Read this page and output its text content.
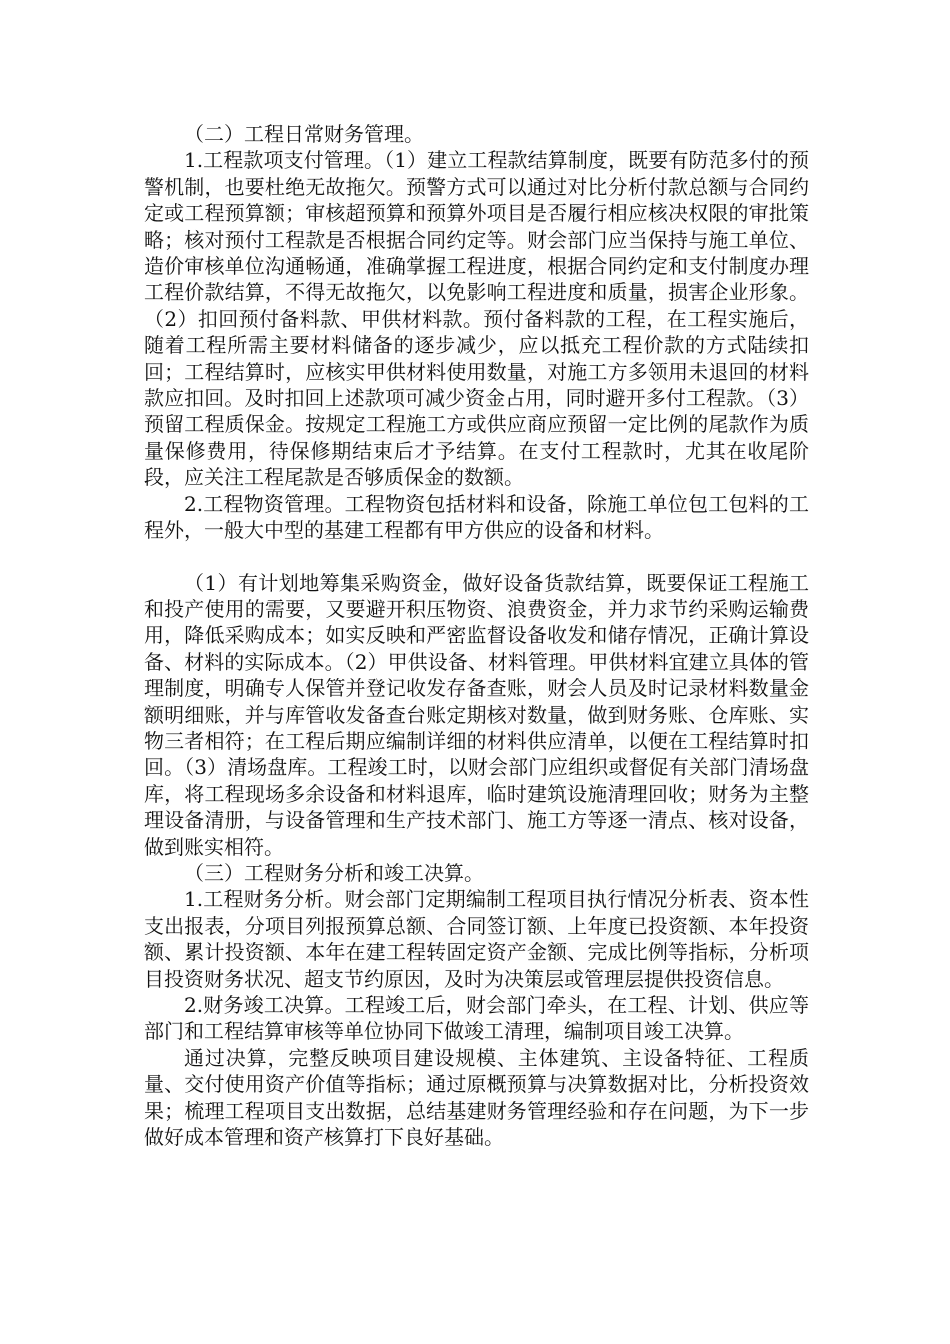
（二）工程日常财务管理。

1.工程款项支付管理。（1）建立工程款结算制度，既要有防范多付的预警机制，也要杜绝无故拖欠。预警方式可以通过对比分析付款总额与合同约定或工程预算额；审核超预算和预算外项目是否履行相应核决权限的审批策略；核对预付工程款是否根据合同约定等。财会部门应当保持与施工单位、造价审核单位沟通畅通，准确掌握工程进度，根据合同约定和支付制度办理工程价款结算，不得无故拖欠，以免影响工程进度和质量，损害企业形象。（2）扣回预付备料款、甲供材料款。预付备料款的工程，在工程实施后，随着工程所需主要材料储备的逐步减少，应以抵充工程价款的方式陆续扣回；工程结算时，应核实甲供材料使用数量，对施工方多领用未退回的材料款应扣回。及时扣回上述款项可减少资金占用，同时避开多付工程款。（3）预留工程质保金。按规定工程施工方或供应商应预留一定比例的尾款作为质量保修费用，待保修期结束后才予结算。在支付工程款时，尤其在收尾阶段，应关注工程尾款是否够质保金的数额。

2.工程物资管理。工程物资包括材料和设备，除施工单位包工包料的工程外，一般大中型的基建工程都有甲方供应的设备和材料。

（1）有计划地筹集采购资金，做好设备货款结算，既要保证工程施工和投产使用的需要，又要避开积压物资、浪费资金，并力求节约采购运输费用，降低采购成本；如实反映和严密监督设备收发和储存情况，正确计算设备、材料的实际成本。（2）甲供设备、材料管理。甲供材料宜建立具体的管理制度，明确专人保管并登记收发存备查账，财会人员及时记录材料数量金额明细账，并与库管收发备查台账定期核对数量，做到财务账、仓库账、实物三者相符；在工程后期应编制详细的材料供应清单，以便在工程结算时扣回。（3）清场盘库。工程竣工时，以财会部门应组织或督促有关部门清场盘库，将工程现场多余设备和材料退库，临时建筑设施清理回收；财务为主整理设备清册，与设备管理和生产技术部门、施工方等逐一清点、核对设备，做到账实相符。

（三）工程财务分析和竣工决算。

1.工程财务分析。财会部门定期编制工程项目执行情况分析表、资本性支出报表，分项目列报预算总额、合同签订额、上年度已投资额、本年投资额、累计投资额、本年在建工程转固定资产金额、完成比例等指标，分析项目投资财务状况、超支节约原因，及时为决策层或管理层提供投资信息。

2.财务竣工决算。工程竣工后，财会部门牵头，在工程、计划、供应等部门和工程结算审核等单位协同下做竣工清理，编制项目竣工决算。

通过决算，完整反映项目建设规模、主体建筑、主设备特征、工程质量、交付使用资产价值等指标；通过原概预算与决算数据对比，分析投资效果；梳理工程项目支出数据，总结基建财务管理经验和存在问题，为下一步做好成本管理和资产核算打下良好基础。
